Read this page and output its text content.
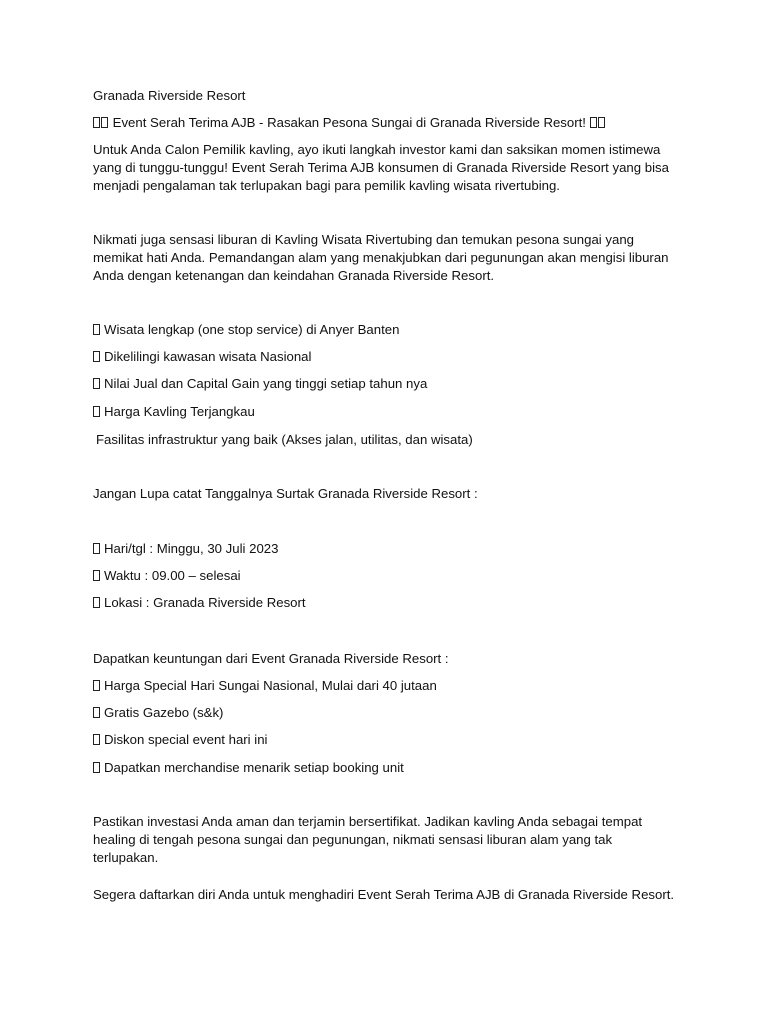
Granada Riverside Resort

Event Serah Terima AJB - Rasakan Pesona Sungai di Granada Riverside Resort!

Untuk Anda Calon Pemilik kavling, ayo ikuti langkah investor kami dan saksikan momen istimewa yang di tunggu-tunggu! Event Serah Terima AJB konsumen di Granada Riverside Resort yang bisa menjadi pengalaman tak terlupakan bagi para pemilik kavling wisata rivertubing.

Nikmati juga sensasi liburan di Kavling Wisata Rivertubing dan temukan pesona sungai yang memikat hati Anda. Pemandangan alam yang menakjubkan dari pegunungan akan mengisi liburan Anda dengan ketenangan dan keindahan Granada Riverside Resort.

Wisata lengkap (one stop service) di Anyer Banten

Dikelilingi kawasan wisata Nasional

Nilai Jual dan Capital Gain yang tinggi setiap tahun nya

Harga Kavling Terjangkau

Fasilitas infrastruktur yang baik (Akses jalan, utilitas, dan wisata)

Jangan Lupa catat Tanggalnya Surtak Granada Riverside Resort :

Hari/tgl : Minggu, 30 Juli 2023

Waktu : 09.00 – selesai

Lokasi : Granada Riverside Resort

Dapatkan keuntungan dari Event Granada Riverside Resort :

Harga Special Hari Sungai Nasional, Mulai dari 40 jutaan

Gratis Gazebo (s&k)

Diskon special event hari ini

Dapatkan merchandise menarik setiap booking unit

Pastikan investasi Anda aman dan terjamin bersertifikat. Jadikan kavling Anda sebagai tempat healing di tengah pesona sungai dan pegunungan, nikmati sensasi liburan alam yang tak terlupakan.

Segera daftarkan diri Anda untuk menghadiri Event Serah Terima AJB di Granada Riverside Resort.
